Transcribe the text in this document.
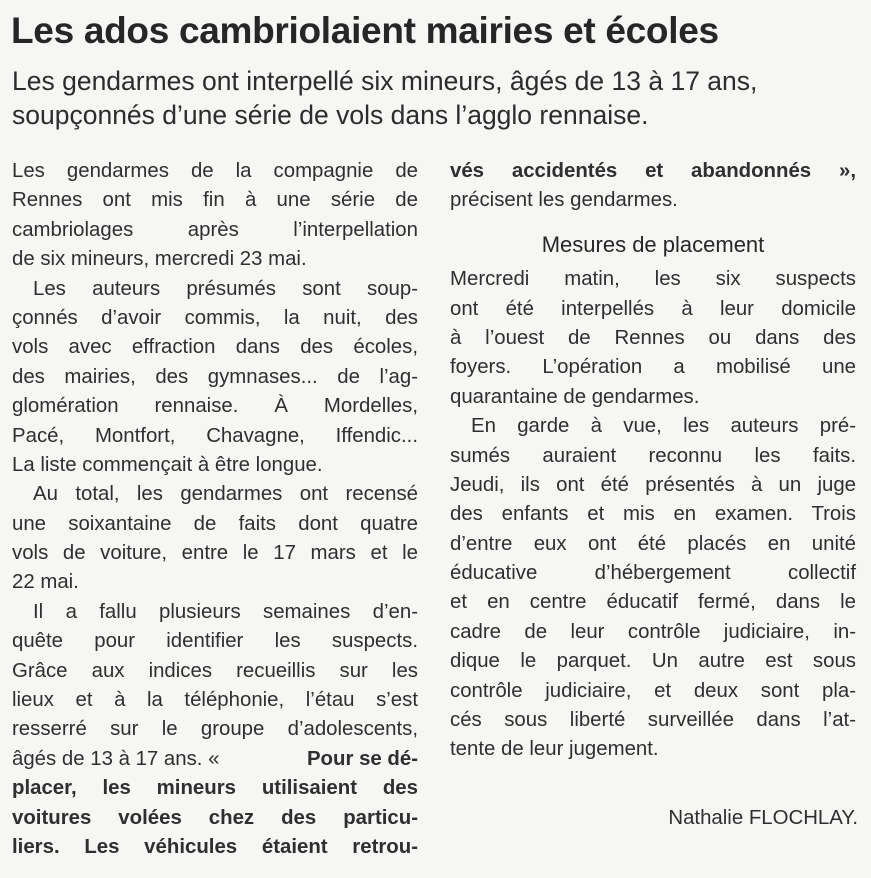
Les ados cambriolaient mairies et écoles
Les gendarmes ont interpellé six mineurs, âgés de 13 à 17 ans,
soupçonnés d’une série de vols dans l’agglo rennaise.
Les gendarmes de la compagnie de
Rennes ont mis fin à une série de
cambriolages après l’interpellation
de six mineurs, mercredi 23 mai.
Les auteurs présumés sont soup-
çonnés d’avoir commis, la nuit, des
vols avec effraction dans des écoles,
des mairies, des gymnases... de l’ag-
glomération rennaise. À Mordelles,
Pacé, Montfort, Chavagne, Iffendic...
La liste commençait à être longue.
Au total, les gendarmes ont recensé
une soixantaine de faits dont quatre
vols de voiture, entre le 17 mars et le
22 mai.
Il a fallu plusieurs semaines d’en-
quête pour identifier les suspects.
Grâce aux indices recueillis sur les
lieux et à la téléphonie, l’étau s’est
resserré sur le groupe d’adolescents,
âgés de 13 à 17 ans. «	Pour se dé-
placer, les mineurs utilisaient des
voitures volées chez des particu-
liers. Les véhicules étaient retrou-
vés accidentés et abandonnés »,
précisent les gendarmes.
Mesures de placement
Mercredi matin, les six suspects
ont été interpellés à leur domicile
à l’ouest de Rennes ou dans des
foyers. L’opération a mobilisé une
quarantaine de gendarmes.
En garde à vue, les auteurs pré-
sumés auraient reconnu les faits.
Jeudi, ils ont été présentés à un juge
des enfants et mis en examen. Trois
d’entre eux ont été placés en unité
éducative d’hébergement collectif
et en centre éducatif fermé, dans le
cadre de leur contrôle judiciaire, in-
dique le parquet. Un autre est sous
contrôle judiciaire, et deux sont pla-
cés sous liberté surveillée dans l’at-
tente de leur jugement.
Nathalie FLOCHLAY.
